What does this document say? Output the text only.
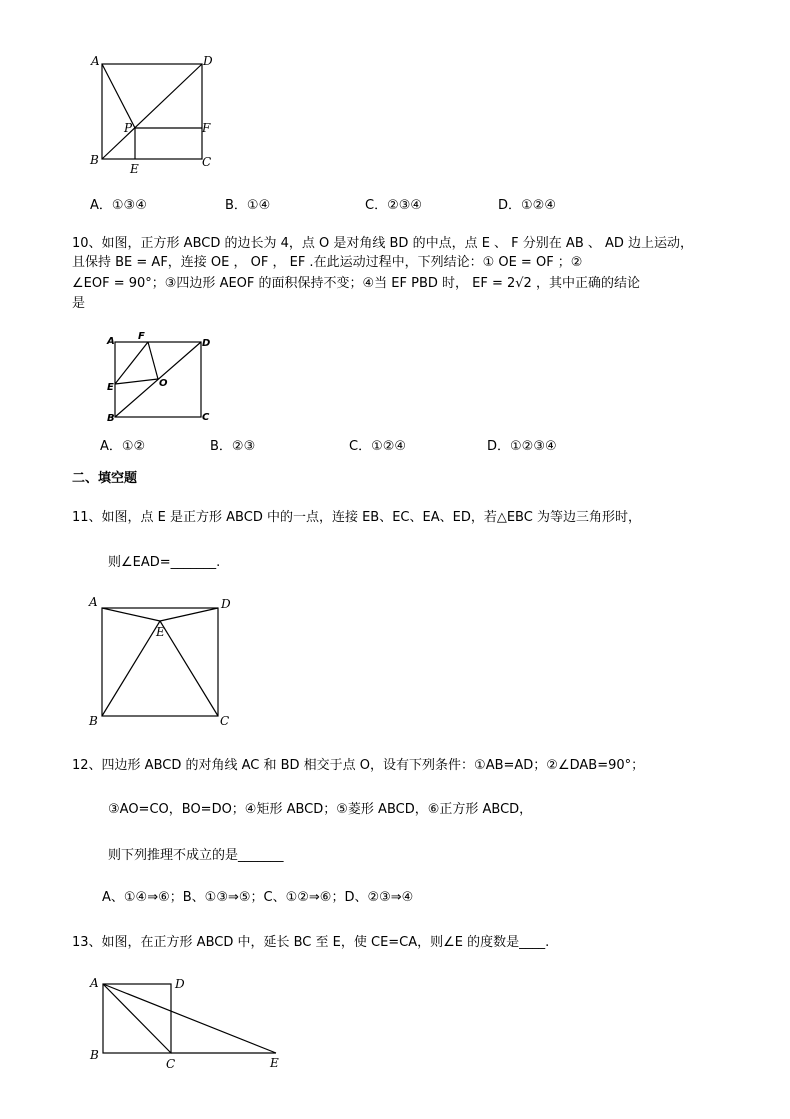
A	D
B	C
P	F
E
A．①③④	B．①④	C．②③④	D．①②④
10、如图，正方形 ABCD 的边长为 4，点 O 是对角线 BD 的中点，点 E 、 F 分别在 AB 、 AD 边上运动，
且保持 BE = AF，连接 OE ， OF ， EF .在此运动过程中，下列结论：① OE = OF ；②
∠EOF = 90°；③四边形 AEOF 的面积保持不变；④当 EF PBD 时， EF = 2√2 ，其中正确的结论
是
A F
D
E	O
B	C
A．①②	B．②③	C．①②④	D．①②③④
二、填空题
11、如图，点 E 是正方形 ABCD 中的一点，连接 EB、EC、EA、ED，若△EBC 为等边三角形时，
则∠EAD=_______.
A	D
E
B	C
12、四边形 ABCD 的对角线 AC 和 BD 相交于点 O，设有下列条件：①AB=AD；②∠DAB=90°；
③AO=CO，BO=DO；④矩形 ABCD；⑤菱形 ABCD，⑥正方形 ABCD，
则下列推理不成立的是_______
A、①④⇒⑥；B、①③⇒⑤；C、①②⇒⑥；D、②③⇒④
13、如图，在正方形 ABCD 中，延长 BC 至 E，使 CE=CA，则∠E 的度数是____.
A	D
B
C	E
